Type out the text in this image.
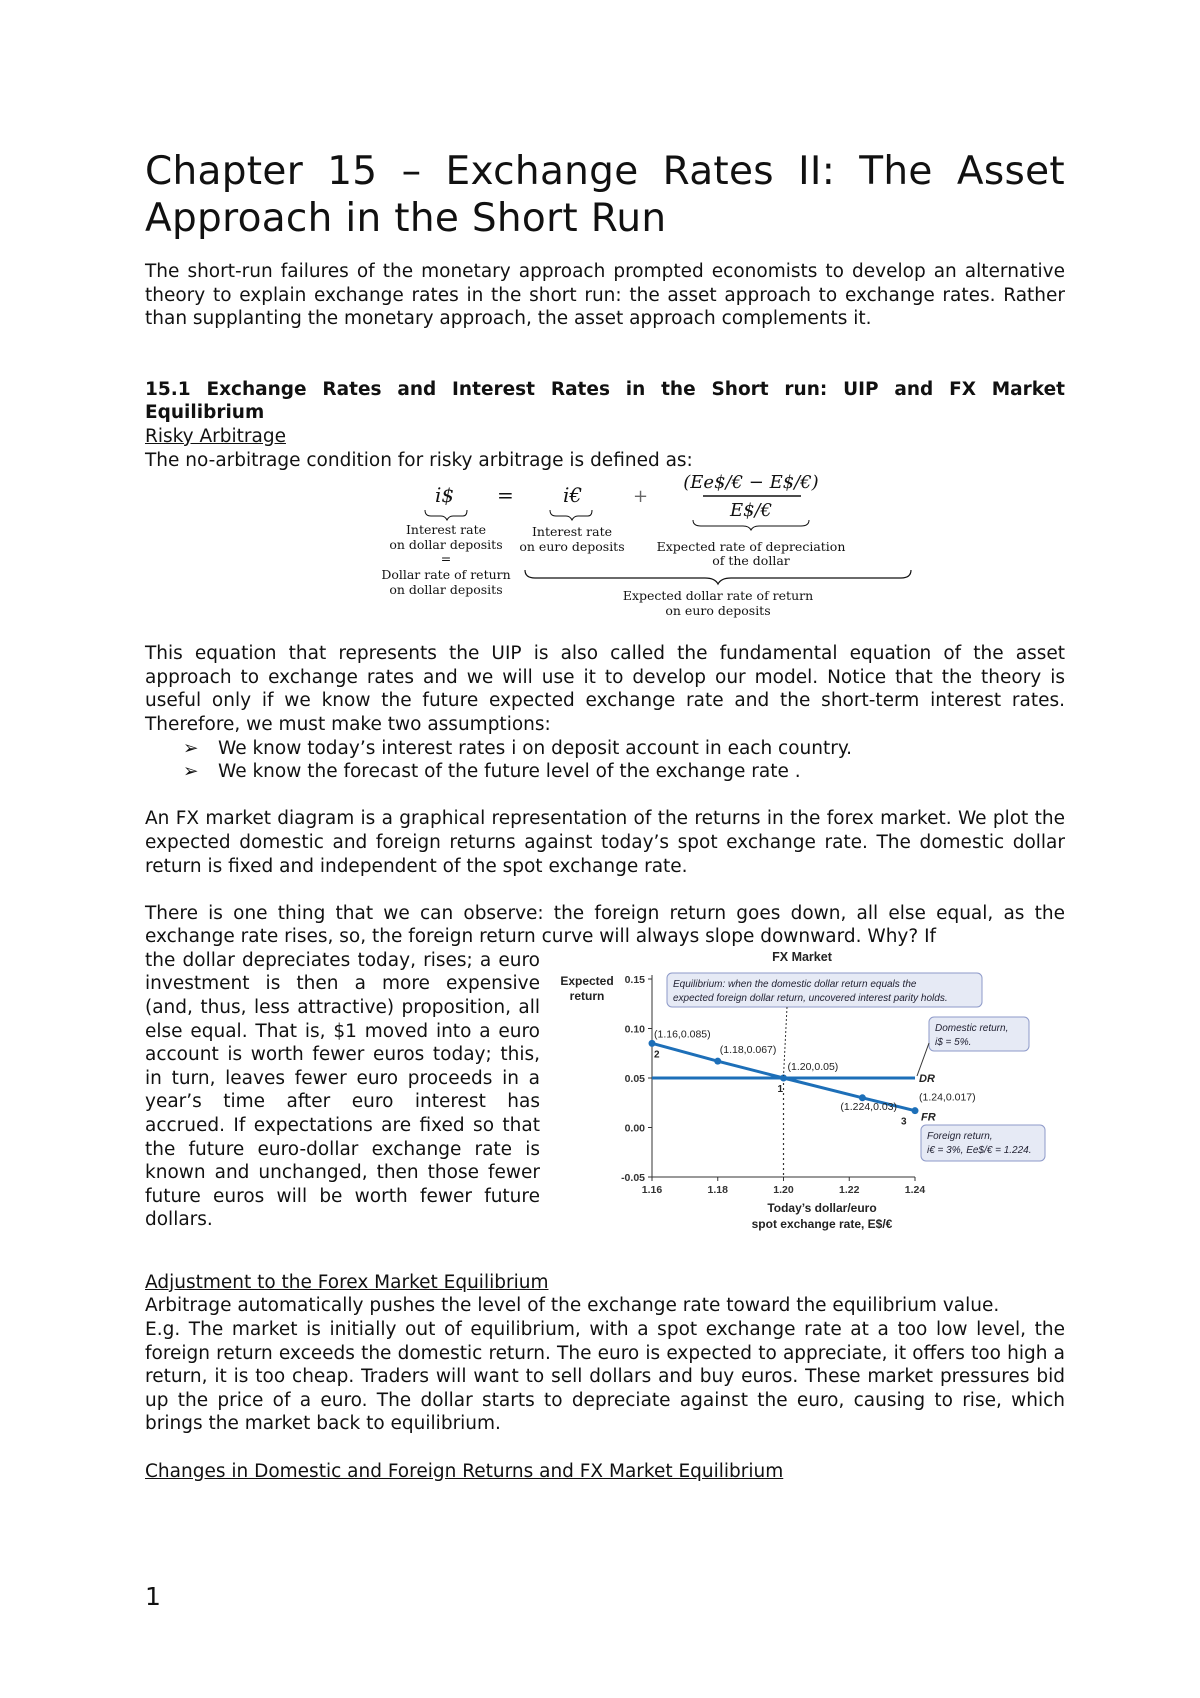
Chapter 15 – Exchange Rates II: The Asset Approach in the Short Run

The short-run failures of the monetary approach prompted economists to develop an alternative theory to explain exchange rates in the short run: the asset approach to exchange rates. Rather than supplanting the monetary approach, the asset approach complements it.

15.1 Exchange Rates and Interest Rates in the Short run: UIP and FX Market Equilibrium

Risky Arbitrage

The no-arbitrage condition for risky arbitrage is defined as:

i$ = i€	+
(Ee$/€ − E$/€)
E$/€
Interest rate
on dollar deposits
=
Dollar rate of return
on dollar deposits
Interest rate
on euro deposits	Expected rate of depreciation
of the dollar
Expected dollar rate of return
on euro deposits

This equation that represents the UIP is also called the fundamental equation of the asset approach to exchange rates and we will use it to develop our model. Notice that the theory is useful only if we know the future expected exchange rate and the short-term interest rates. Therefore, we must make two assumptions:

➢ We know today’s interest rates i on deposit account in each country.
➢ We know the forecast of the future level of the exchange rate .

An FX market diagram is a graphical representation of the returns in the forex market. We plot the expected domestic and foreign returns against today’s spot exchange rate. The domestic dollar return is fixed and independent of the spot exchange rate.

There is one thing that we can observe: the foreign return goes down, all else equal, as the exchange rate rises, so, the foreign return curve will always slope downward. Why? If

the dollar depreciates today, rises; a euro investment is then a more expensive (and, thus, less attractive) proposition, all else equal. That is, $1 moved into a euro account is worth fewer euros today; this, in turn, leaves fewer euro proceeds in a year’s time after euro interest has accrued. If expectations are fixed so that the future euro-dollar exchange rate is known and unchanged, then those fewer future euros will be worth fewer future dollars.

FX Market
Expected
return
0.15
0.10
0.05
0.00
-0.05
1.16	1.18	1.20	1.22	1.24
Today’s dollar/euro
spot exchange rate, E$/€
DR
FR
(1.16,0.085)
2	(1.18,0.067)
(1.20,0.05)
1
(1.224,0.03)
(1.24,0.017)
3
Equilibrium: when the domestic dollar return equals the
expected foreign dollar return, uncovered interest parity holds.
Domestic return,
i$ = 5%.
Foreign return,
i€ = 3%, Ee$/€ = 1.224.

Adjustment to the Forex Market Equilibrium

Arbitrage automatically pushes the level of the exchange rate toward the equilibrium value.

E.g. The market is initially out of equilibrium, with a spot exchange rate at a too low level, the foreign return exceeds the domestic return. The euro is expected to appreciate, it offers too high a return, it is too cheap. Traders will want to sell dollars and buy euros. These market pressures bid up the price of a euro. The dollar starts to depreciate against the euro, causing to rise, which brings the market back to equilibrium.

Changes in Domestic and Foreign Returns and FX Market Equilibrium

1
